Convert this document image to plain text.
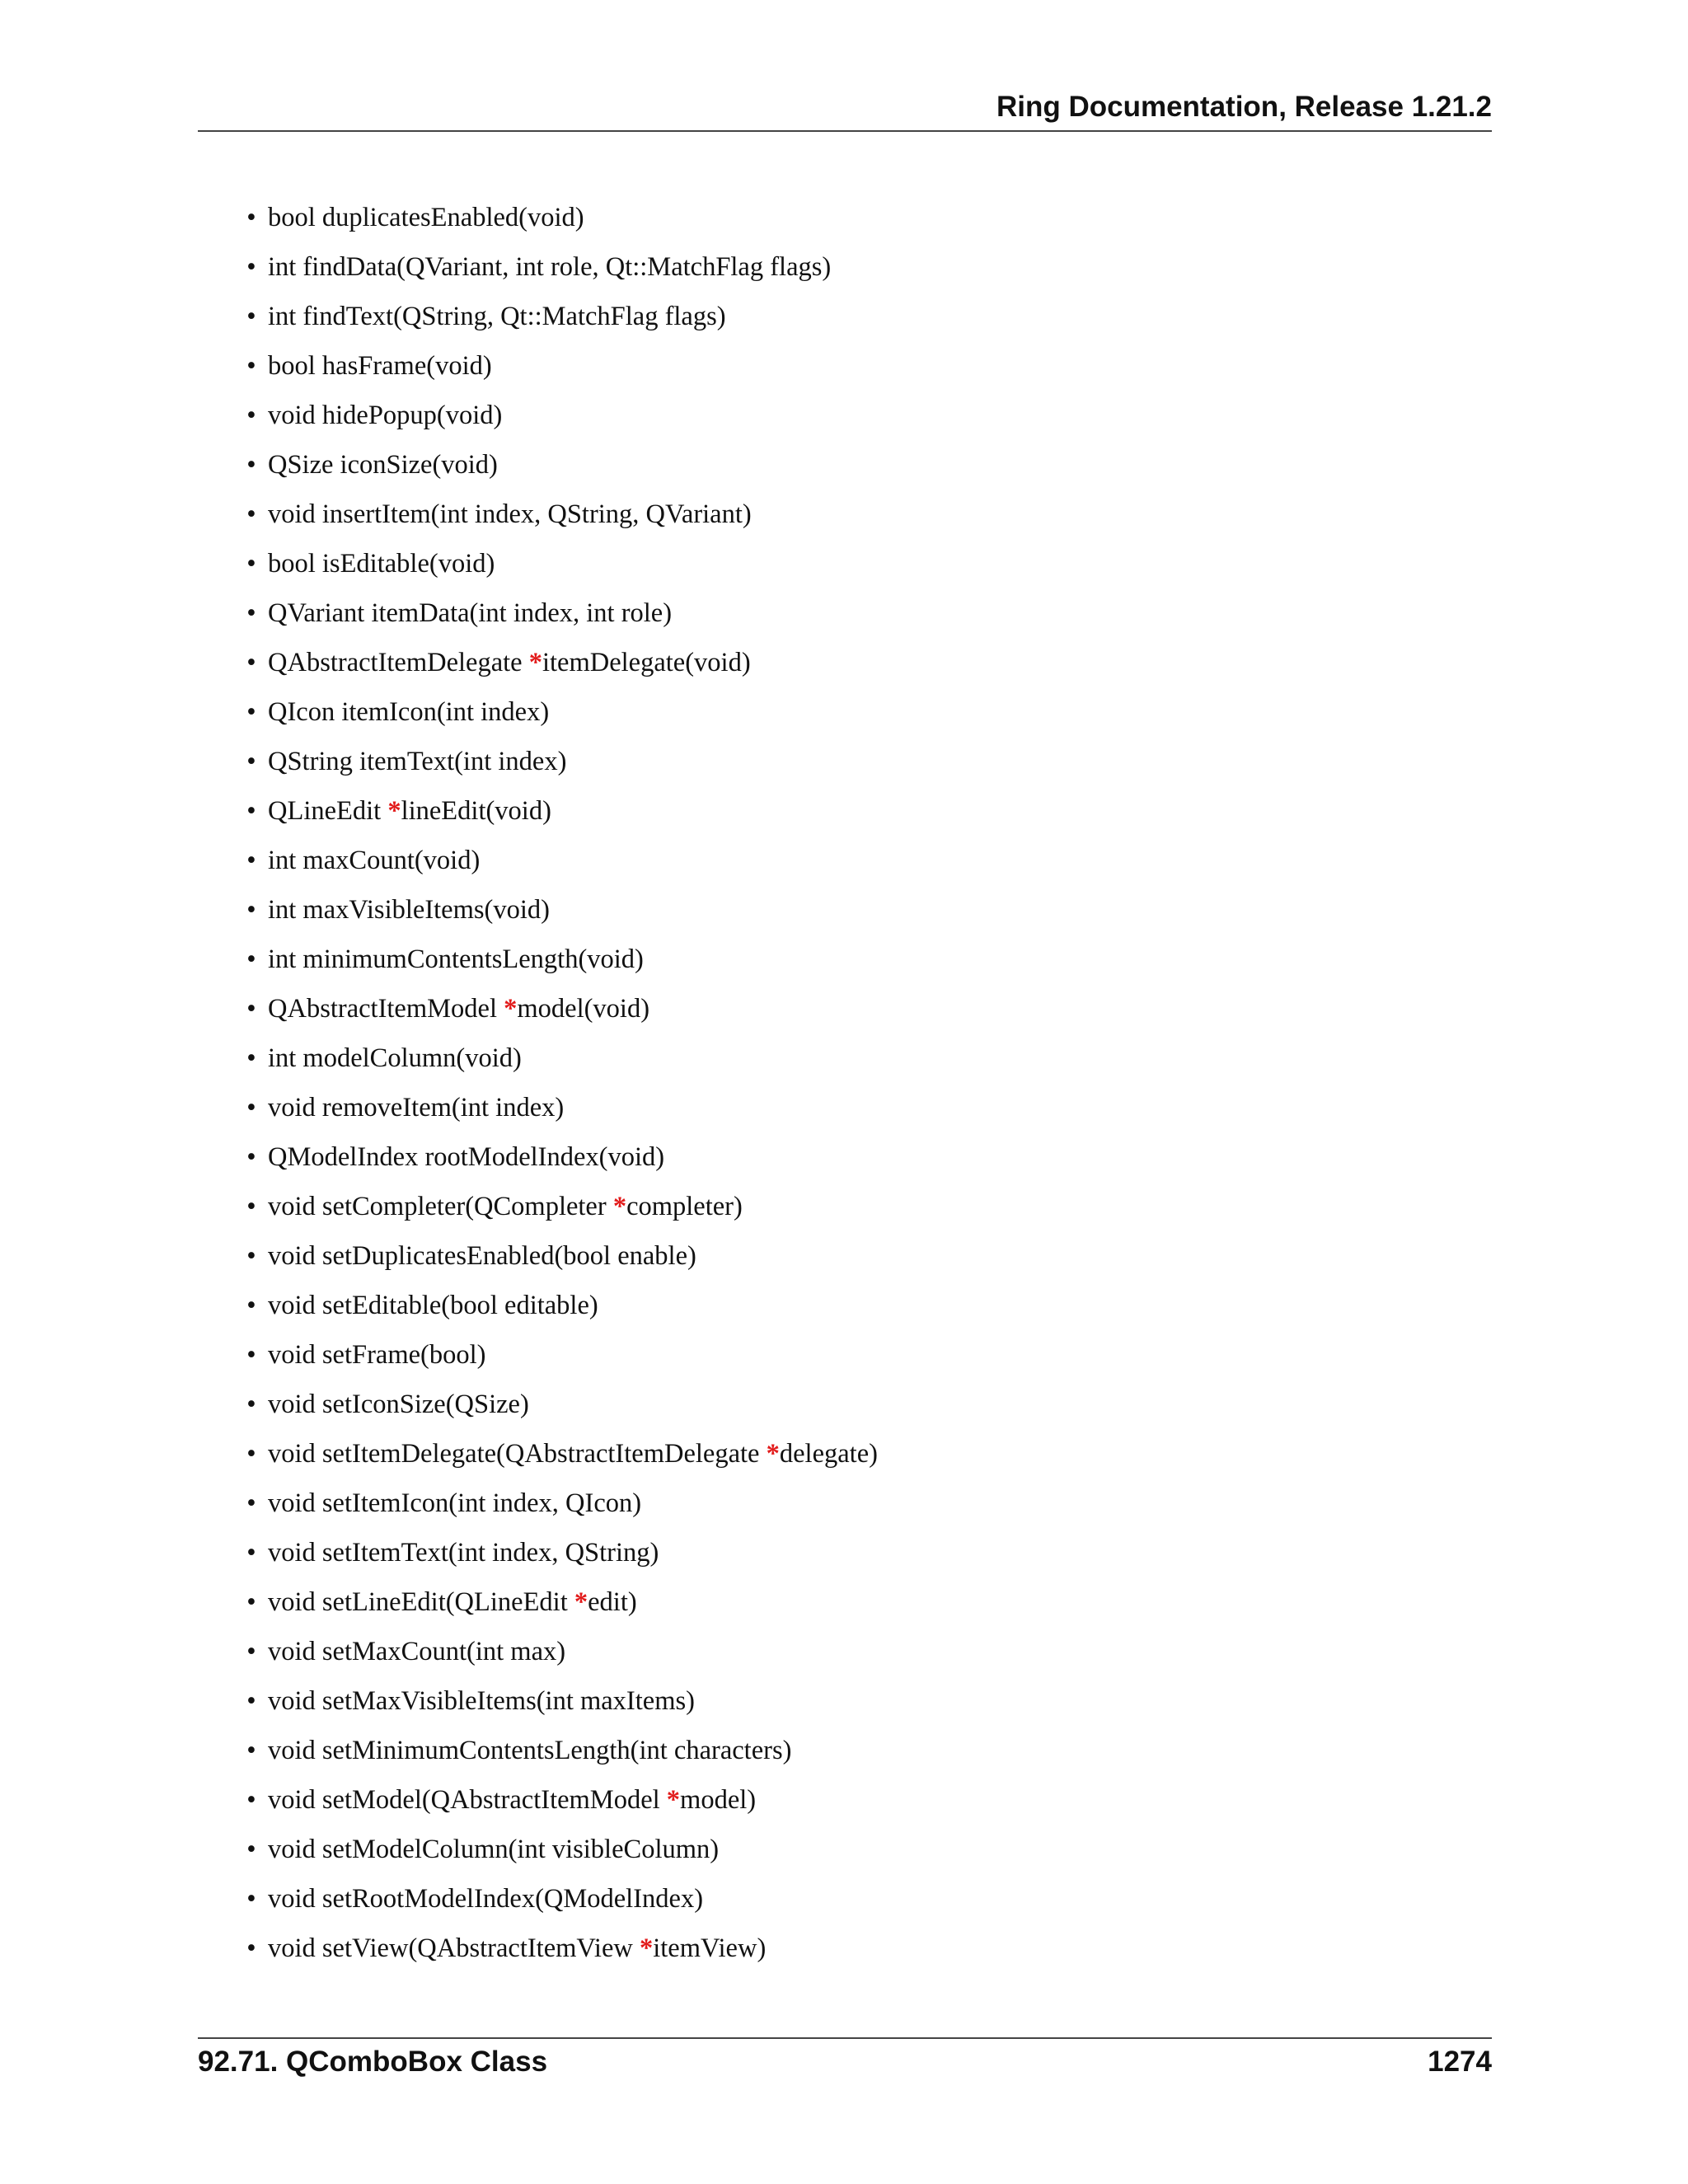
Ring Documentation, Release 1.21.2
• bool duplicatesEnabled(void)
• int findData(QVariant, int role, Qt::MatchFlag flags)
• int findText(QString, Qt::MatchFlag flags)
• bool hasFrame(void)
• void hidePopup(void)
• QSize iconSize(void)
• void insertItem(int index, QString, QVariant)
• bool isEditable(void)
• QVariant itemData(int index, int role)
• QAbstractItemDelegate *itemDelegate(void)
• QIcon itemIcon(int index)
• QString itemText(int index)
• QLineEdit *lineEdit(void)
• int maxCount(void)
• int maxVisibleItems(void)
• int minimumContentsLength(void)
• QAbstractItemModel *model(void)
• int modelColumn(void)
• void removeItem(int index)
• QModelIndex rootModelIndex(void)
• void setCompleter(QCompleter *completer)
• void setDuplicatesEnabled(bool enable)
• void setEditable(bool editable)
• void setFrame(bool)
• void setIconSize(QSize)
• void setItemDelegate(QAbstractItemDelegate *delegate)
• void setItemIcon(int index, QIcon)
• void setItemText(int index, QString)
• void setLineEdit(QLineEdit *edit)
• void setMaxCount(int max)
• void setMaxVisibleItems(int maxItems)
• void setMinimumContentsLength(int characters)
• void setModel(QAbstractItemModel *model)
• void setModelColumn(int visibleColumn)
• void setRootModelIndex(QModelIndex)
• void setView(QAbstractItemView *itemView)
92.71. QComboBox Class	1274
